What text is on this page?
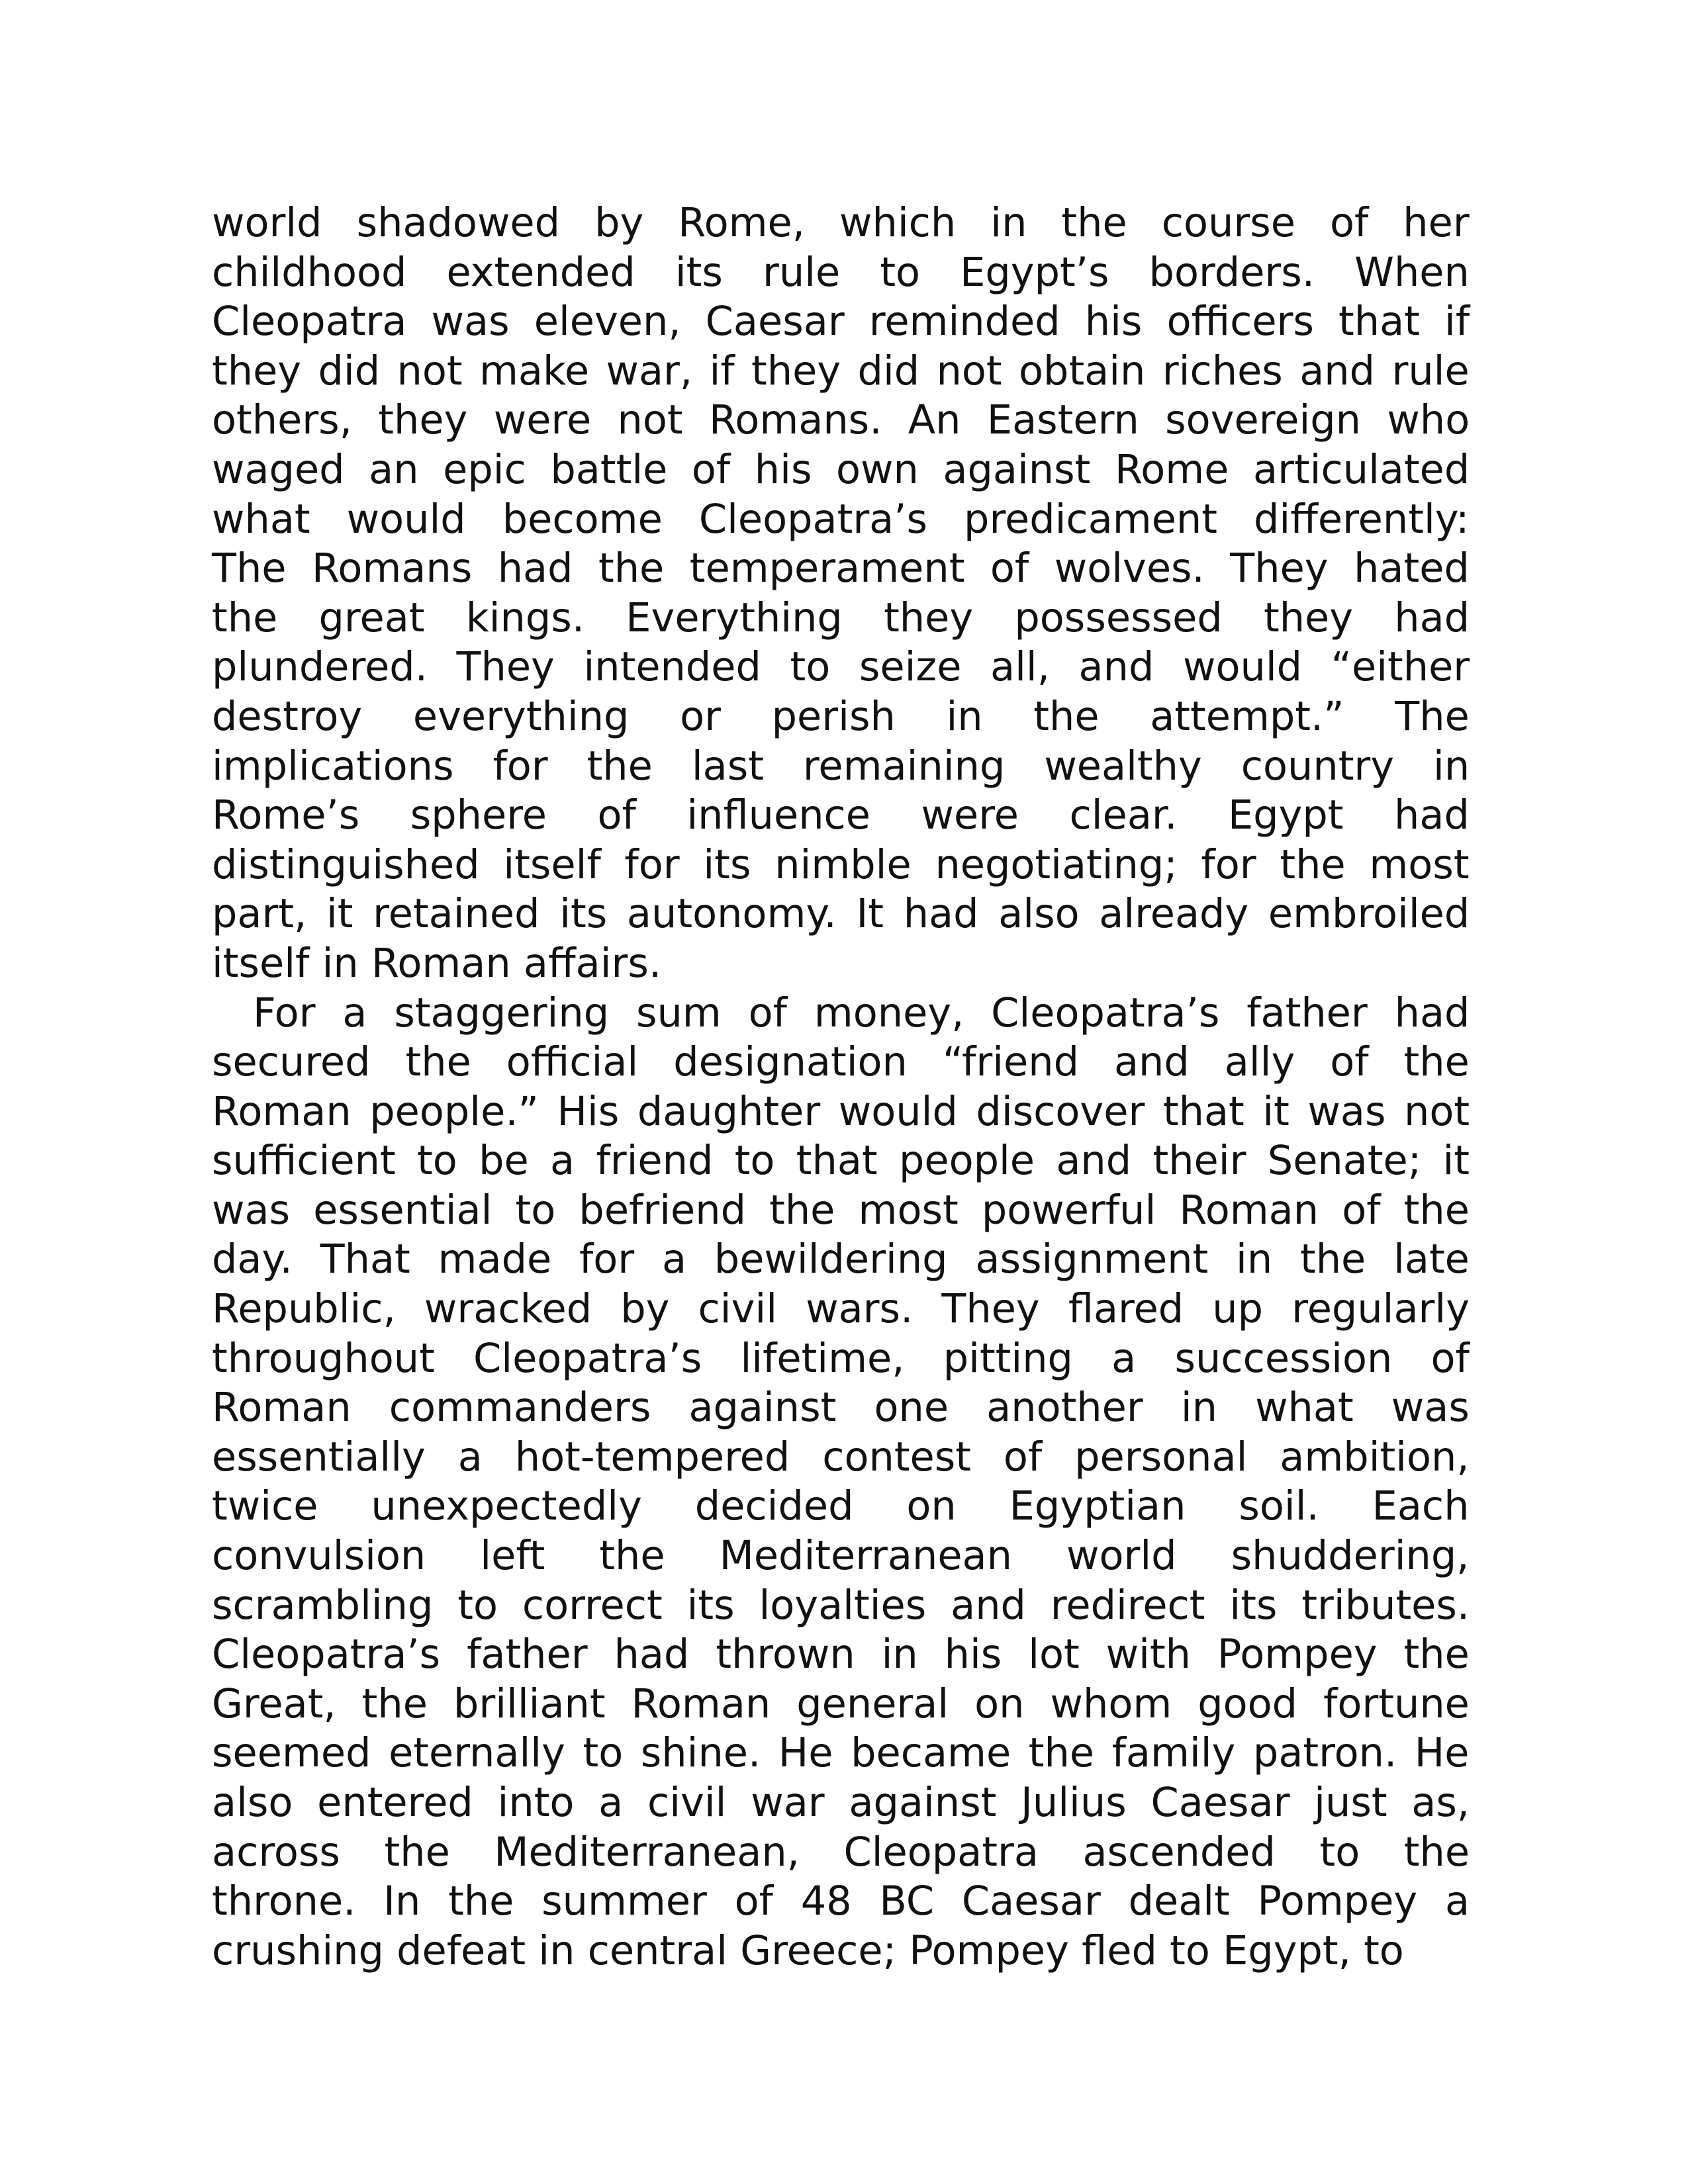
world shadowed by Rome, which in the course of her
childhood extended its rule to Egypt’s borders. When
Cleopatra was eleven, Caesar reminded his officers that if
they did not make war, if they did not obtain riches and rule
others, they were not Romans. An Eastern sovereign who
waged an epic battle of his own against Rome articulated
what would become Cleopatra’s predicament differently:
The Romans had the temperament of wolves. They hated
the great kings. Everything they possessed they had
plundered. They intended to seize all, and would “either
destroy everything or perish in the attempt.” The
implications for the last remaining wealthy country in
Rome’s sphere of influence were clear. Egypt had
distinguished itself for its nimble negotiating; for the most
part, it retained its autonomy. It had also already embroiled
itself in Roman affairs.
For a staggering sum of money, Cleopatra’s father had
secured the official designation “friend and ally of the
Roman people.” His daughter would discover that it was not
sufficient to be a friend to that people and their Senate; it
was essential to befriend the most powerful Roman of the
day. That made for a bewildering assignment in the late
Republic, wracked by civil wars. They flared up regularly
throughout Cleopatra’s lifetime, pitting a succession of
Roman commanders against one another in what was
essentially a hot-tempered contest of personal ambition,
twice unexpectedly decided on Egyptian soil. Each
convulsion left the Mediterranean world shuddering,
scrambling to correct its loyalties and redirect its tributes.
Cleopatra’s father had thrown in his lot with Pompey the
Great, the brilliant Roman general on whom good fortune
seemed eternally to shine. He became the family patron. He
also entered into a civil war against Julius Caesar just as,
across the Mediterranean, Cleopatra ascended to the
throne. In the summer of 48 BC Caesar dealt Pompey a
crushing defeat in central Greece; Pompey fled to Egypt, to
